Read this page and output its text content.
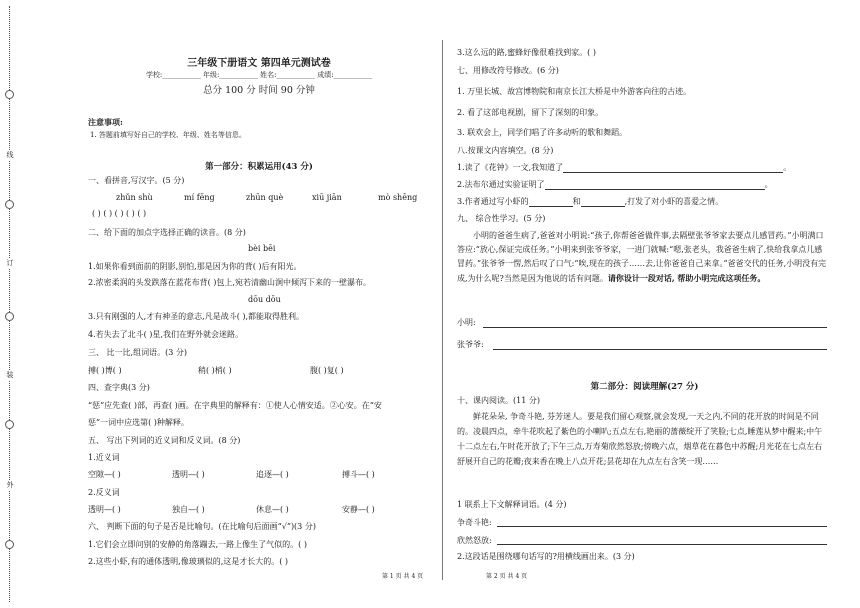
线
订
装
外
三年级下册语文 第四单元测试卷
学校:___________ 年级:___________ 姓名:___________ 成绩:___________
总分 100 分 时间 90 分钟
注意事项:
1. 答题前填写好自己的学校、年级、姓名等信息。
第一部分：积累运用(43 分)
一、看拼音,写汉字。(5 分)
zhǔn shù	mí fēng	zhūn què	xiū jiān	mò shēng
( ) ( ) ( ) ( ) ( )
二、给下面的加点字选择正确的读音。(8 分)
bèi bēi
1.如果你看到面前的阴影,别怕,那是因为你的背( )后有阳光。
2.浓密柔润的头发跌落在蓝花布背( )包上,宛若清幽山涧中倾泻下来的一壁瀑布。
dōu dōu
3.只有刚强的人,才有神圣的意志,凡是战斗( ),都能取得胜利。
4.若失去了北斗( )星,我们在野外就会迷路。
三、 比一比,组词语。(3 分)
搏( )博( )	稍( )梢( )	腹( )复( )
四、查字典(3 分)
“惩”应先查( )部，再查( )画。在字典里的解释有：①使人心情安适。②心安。在“安
惩”一词中应选第( )种解释。
五、 写出下列词的近义词和反义词。(8 分)
1.近义词
空隙—( )	透明—( )	追逐—( )	搏斗—( )
2.反义词
透明—( )	独自—( )	休息—( )	安静—( )
六、 判断下面的句子是否是比喻句。(在比喻句后面画“√”)(3 分)
1.它们会立即问别的安静的角落蹦去,一路上像生了气似的。( )
2.这些小虾,有的通体透明,像玻璃似的,这是才长大的。( )
3.这么远的路,蜜蜂好像很难找到家。( )
七、用修改符号修改。(6 分)
1. 万里长城、故宫博物院和南京长江大桥是中外游客向往的古迹。
2. 看了这部电视剧，留下了深刻的印象。
3. 联欢会上，同学们唱了许多动听的歌和舞蹈。
八.按课文内容填空。(8 分)
1.读了《花钟》一文,我知道了	。
2.法布尔通过实验证明了	。
3.作者通过写小虾的	和	,打发了对小虾的喜爱之情。
九、 综合性学习。(5 分)
小明的爸爸生病了,爸爸对小明说:“孩子,你帮爸爸做件事,去隔壁张爷爷家去要点儿感冒药。”小明满口答应:“放心,保证完成任务。”小明来到张爷爷家，一进门就喊:“嗯,张老头，我爸爸生病了,快给我拿点儿感冒药。”张爷爷一愣,然后叹了口气:“唉,现在的孩子……去,让你爸爸自己来拿。”爸爸交代的任务,小明没有完成,为什么呢?当然是因为他说的话有问题。请你设计一段对话, 帮助小明完成这项任务。
小明:
张爷爷:
第二部分：阅读理解(27 分)
十、课内阅读。(11 分)
鲜花朵朵, 争奇斗艳, 芬芳迷人。要是我们留心观察,就会发现,一天之内,不同的花开放的时间是不同的。凌晨四点，牵牛花吹起了紫色的小喇叭;五点左右,艳丽的蔷薇绽开了笑脸;七点,睡莲从梦中醒来;中午十二点左右,午时花开放了;下午三点,万寿菊欣然怒放;傍晚六点，烟草花在暮色中苏醒;月光花在七点左右舒展开自己的花瓣;夜来香在晚上八点开花;昙花却在九点左右含笑一现……
1 联系上下文解释词语。(4 分)
争奇斗艳:
欣然怒放:
2.这段话是围绕哪句话写的?用横线画出来。(3 分)
第 1 页 共 4 页	第 2 页 共 4 页
